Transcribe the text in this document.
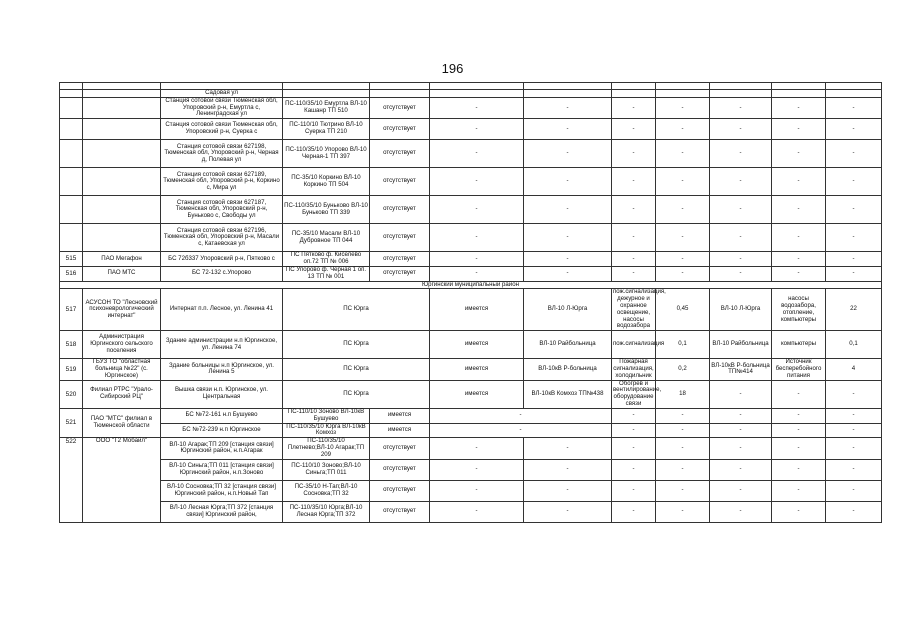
196

		Садовая ул									
		Станция сотовой связи Тюменская обл, Упоровский р-н, Емуртла с, Ленинградская ул	ПС-110/35/10 Емуртла ВЛ-10 Кашанр ТП 510	отсутствует	-	-	-	-	-	-	-
		Станция сотовой связи Тюменская обл, Упоровский р-н, Суерка с	ПС-110/10 Тютрино ВЛ-10 Суерка ТП 210	отсутствует	-	-	-	-	-	-	-
		Станция сотовой связи 627198, Тюменская обл, Упоровский р-н, Черная д, Полевая ул	ПС-110/35/10 Упорово ВЛ-10 Черная-1 ТП 397	отсутствует	-	-	-	-	-	-	-
		Станция сотовой связи 627189, Тюменская обл, Упоровский р-н, Коркино с, Мира ул	ПС-35/10 Коркино ВЛ-10 Коркино ТП 504	отсутствует	-	-	-	-	-	-	-
		Станция сотовой связи 627187, Тюменская обл, Упоровский р-н, Буньково с, Свободы ул	ПС-110/35/10 Буньково ВЛ-10 Буньково ТП 339	отсутствует	-	-	-	-	-	-	-
		Станция сотовой связи 627196, Тюменская обл, Упоровский р-н, Масали с, Катаевская ул	ПС-35/10 Масали ВЛ-10 Дубровное ТП 044	отсутствует	-	-	-	-	-	-	-
515	ПАО Мегафон	БС 72б337 Упоровский р-н, Пятково с	ПС Пятково ф. Киселево оп.72 ТП № 006	отсутствует	-	-	-	-	-	-	-
516	ПАО МТС	БС 72-132 с.Упорово	ПС Упорово ф. Черная 1 оп. 13 ТП № 001	отсутствует	-	-	-	-	-	-	-
Юргинский муниципальный район											
517	АСУСОН ТО "Лесновский психоневрологический интернат"	Интернат п.п. Лесное, ул. Ленина 41	ПС Юрга		имеется	ВЛ-10 Л-Юрга	пож.сигнализация, дежурное и охранное освещение, насосы водозабора	0,45	ВЛ-10 Л-Юрга	насосы водозабора, отопление, компьютеры	22
518	Администрация Юргинского сельского поселения	Здание администрации н.п Юргинское, ул. Ленина 74	ПС Юрга		имеется	ВЛ-10 Райбольница	пож.сигнализация	0,1	ВЛ-10 Райбольница	компьютеры	0,1
519	ГБУЗ ТО "областная больница №22" (с. Юргинское)	Здание больницы н.п Юргинское, ул. Ленина 5	ПС Юрга		имеется	ВЛ-10кВ Р-больница	Пожарная сигнализация, холодильник	0,2	ВЛ-10кВ Р-больница ТП№414	Источник бесперебойного питания	4
520	Филиал РТРС "Урало-Сибирский РЦ"	Вышка связи н.п. Юргинское, ул. Центральная	ПС Юрга		имеется	ВЛ-10кВ Комхоз ТП№438	Обогрев и вентилирование, оборудование связи	18	-	-	-
521	ПАО "МТС" филиал в Тюменской области	БС №72-161 н.п Бушуево	ПС-110/10 Зоново ВЛ-10кВ Бушуево	имеется	-		-	-	-	-	-
		БС №72-239 н.п Юргинское	ПС-110/35/10 Юрга ВЛ-10кВ Комхоз	имеется	-		-	-	-	-	-
522	ООО "Т2 Мобайл"	ВЛ-10 Агарак;ТП 209 [станция связи] Юргинский район, н.п.Агарак	ПС-110/35/10 Плетнево;ВЛ-10 Агарак;ТП 209	отсутствует	-	-	-	-	-	-	-
		ВЛ-10 Синьга;ТП 011 [станция связи] Юргинский район, н.п.Зоново	ПС-110/10 Зоново;ВЛ-10 Синьга;ТП 011	отсутствует	-	-	-	-	-	-	-
		ВЛ-10 Сосновка;ТП 32 [станция связи] Юргинский район, н.п.Новый Тап	ПС-35/10 Н-Тап;ВЛ-10 Сосновка;ТП 32	отсутствует	-	-	-	-	-	-	-
		ВЛ-10 Лесная Юрга;ТП 372 [станция связи] Юргинский район,	ПС-110/35/10 Юрга;ВЛ-10 Лесная Юрга;ТП 372	отсутствует	-	-	-	-	-	-	-
